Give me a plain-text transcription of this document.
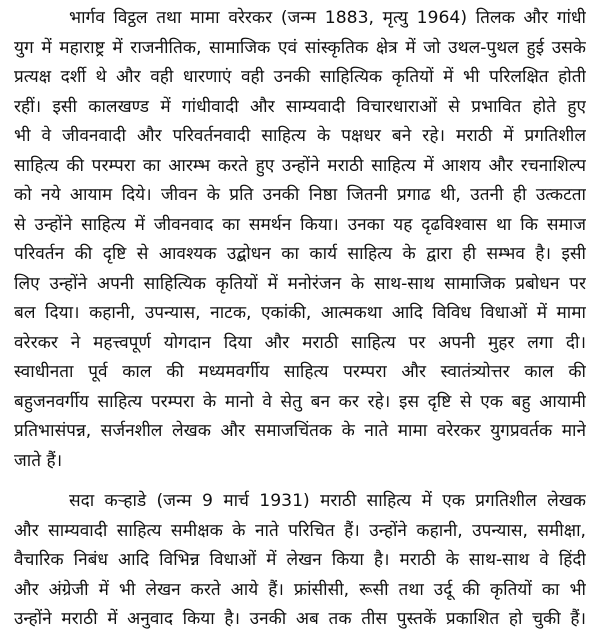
भार्गव विट्ठल तथा मामा वरेरकर (जन्म 1883, मृत्यु 1964) तिलक और गांधी
युग में महाराष्ट्र में राजनीतिक, सामाजिक एवं सांस्कृतिक क्षेत्र में जो उथल-पुथल हुई उसके
प्रत्यक्ष दर्शी थे और वही धारणाएं वही उनकी साहित्यिक कृतियों में भी परिलक्षित होती
रहीं। इसी कालखण्ड में गांधीवादी और साम्यवादी विचारधाराओं से प्रभावित होते हुए
भी वे जीवनवादी और परिवर्तनवादी साहित्य के पक्षधर बने रहे। मराठी में प्रगतिशील
साहित्य की परम्परा का आरम्भ करते हुए उन्होंने मराठी साहित्य में आशय और रचनाशिल्प
को नये आयाम दिये। जीवन के प्रति उनकी निष्ठा जितनी प्रगाढ थी, उतनी ही उत्कटता
से उन्होंने साहित्य में जीवनवाद का समर्थन किया। उनका यह दृढविश्वास था कि समाज
परिवर्तन की दृष्टि से आवश्यक उद्बोधन का कार्य साहित्य के द्वारा ही सम्भव है। इसी
लिए उन्होंने अपनी साहित्यिक कृतियों में मनोरंजन के साथ-साथ सामाजिक प्रबोधन पर
बल दिया। कहानी, उपन्यास, नाटक, एकांकी, आत्मकथा आदि विविध विधाओं में मामा
वरेरकर ने महत्त्वपूर्ण योगदान दिया और मराठी साहित्य पर अपनी मुहर लगा दी।
स्वाधीनता पूर्व काल की मध्यमवर्गीय साहित्य परम्परा और स्वातंत्र्योत्तर काल की
बहुजनवर्गीय साहित्य परम्परा के मानो वे सेतु बन कर रहे। इस दृष्टि से एक बहु आयामी
प्रतिभासंपन्न, सर्जनशील लेखक और समाजचिंतक के नाते मामा वरेरकर युगप्रवर्तक माने
जाते हैं।

सदा कऱ्हाडे (जन्म 9 मार्च 1931) मराठी साहित्य में एक प्रगतिशील लेखक
और साम्यवादी साहित्य समीक्षक के नाते परिचित हैं। उन्होंने कहानी, उपन्यास, समीक्षा,
वैचारिक निबंध आदि विभिन्न विधाओं में लेखन किया है। मराठी के साथ-साथ वे हिंदी
और अंग्रेजी में भी लेखन करते आये हैं। फ्रांसीसी, रूसी तथा उर्दू की कृतियों का भी
उन्होंने मराठी में अनुवाद किया है। उनकी अब तक तीस पुस्तकें प्रकाशित हो चुकी हैं।
